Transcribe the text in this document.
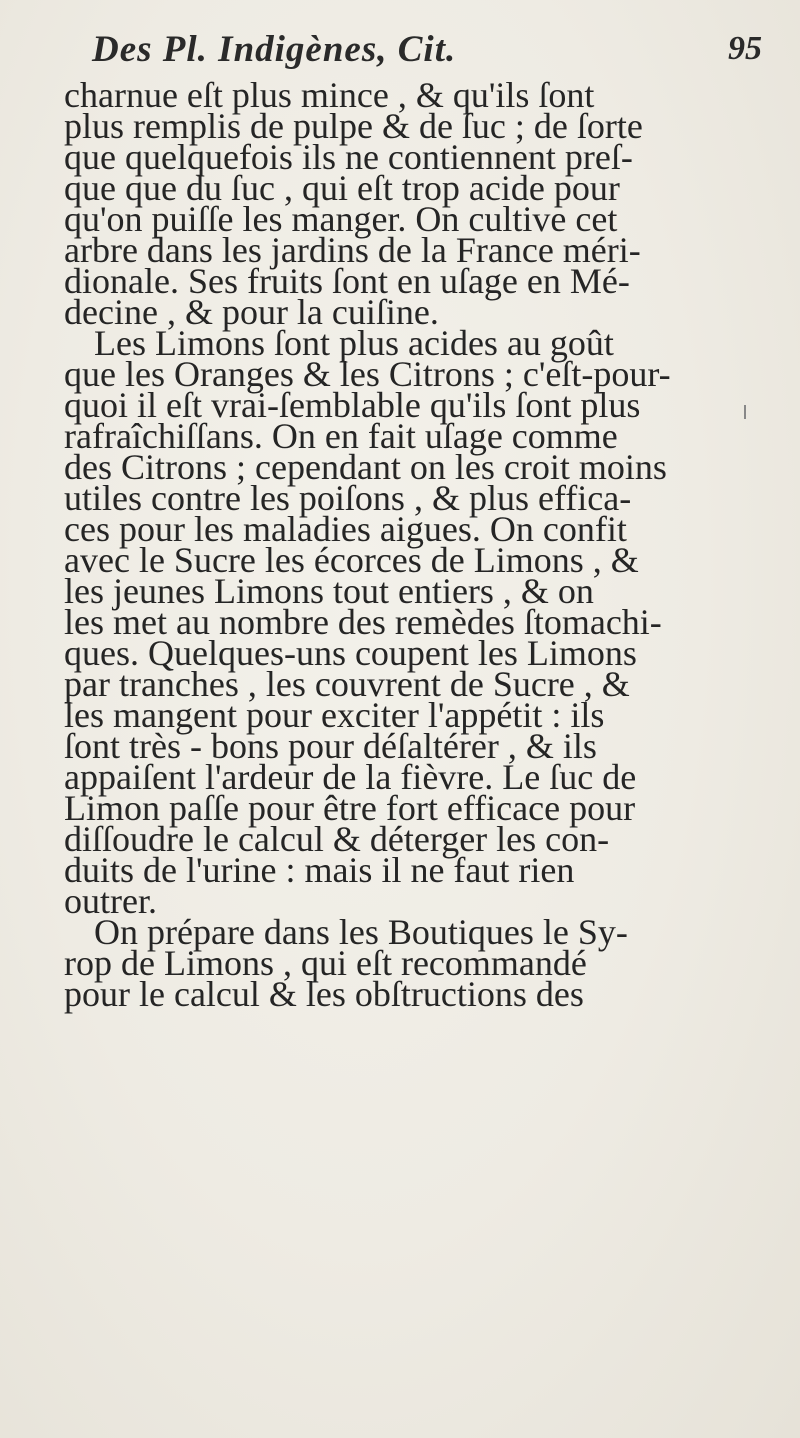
Des Pl. Indigènes, Cit.	95
charnue eſt plus mince , & qu'ils ſont
plus remplis de pulpe & de ſuc ; de ſorte
que quelquefois ils ne contiennent preſ-
que que du ſuc , qui eſt trop acide pour
qu'on puiſſe les manger. On cultive cet
arbre dans les jardins de la France méri-
dionale. Ses fruits ſont en uſage en Mé-
decine , & pour la cuiſine.
Les Limons ſont plus acides au goût
que les Oranges & les Citrons ; c'eſt-pour-
quoi il eſt vrai-ſemblable qu'ils ſont plus
rafraîchiſſans. On en fait uſage comme
des Citrons ; cependant on les croit moins
utiles contre les poiſons , & plus effica-
ces pour les maladies aigues. On confit
avec le Sucre les écorces de Limons , &
les jeunes Limons tout entiers , & on
les met au nombre des remèdes ſtomachi-
ques. Quelques-uns coupent les Limons
par tranches , les couvrent de Sucre , &
les mangent pour exciter l'appétit : ils
ſont très - bons pour déſaltérer , & ils
appaiſent l'ardeur de la fièvre. Le ſuc de
Limon paſſe pour être fort efficace pour
diſſoudre le calcul & déterger les con-
duits de l'urine : mais il ne faut rien
outrer.
On prépare dans les Boutiques le Sy-
rop de Limons , qui eſt recommandé
pour le calcul & les obſtructions des
